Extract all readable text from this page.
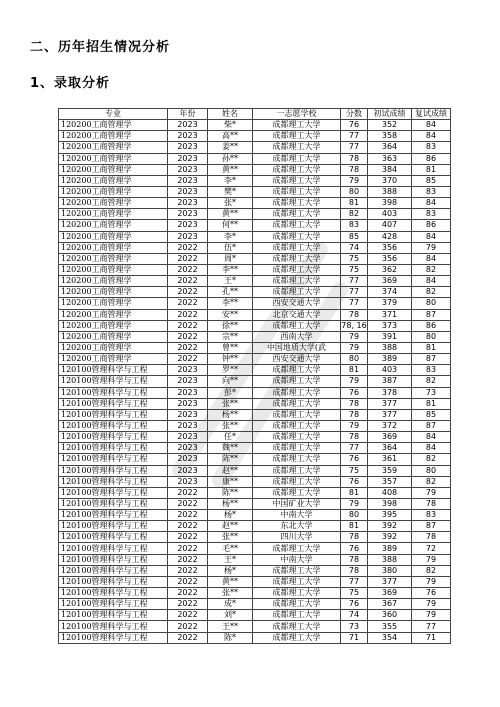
二、历年招生情况分析
1、录取分析
专业	年份	姓名	一志愿学校	分数	初试成绩	复试成绩
120200工商管理学	2023	柴*	成都理工大学	76	352	84
120200工商管理学	2023	高**	成都理工大学	77	358	84
120200工商管理学	2023	姜**	成都理工大学	77	364	83
120200工商管理学	2023	孙**	成都理工大学	78	363	86
120200工商管理学	2023	黄**	成都理工大学	78	384	81
120200工商管理学	2023	李*	成都理工大学	79	370	85
120200工商管理学	2023	樊*	成都理工大学	80	388	83
120200工商管理学	2023	张*	成都理工大学	81	398	84
120200工商管理学	2023	黄**	成都理工大学	82	403	83
120200工商管理学	2023	何**	成都理工大学	83	407	86
120200工商管理学	2023	李*	成都理工大学	85	428	84
120200工商管理学	2022	伍*	成都理工大学	74	356	79
120200工商管理学	2022	周*	成都理工大学	75	356	84
120200工商管理学	2022	李**	成都理工大学	75	362	82
120200工商管理学	2022	王*	成都理工大学	77	369	84
120200工商管理学	2022	孔**	成都理工大学	77	374	82
120200工商管理学	2022	李**	西安交通大学	77	379	80
120200工商管理学	2022	安**	北京交通大学	78	371	87
120200工商管理学	2022	徐**	成都理工大学	78, 16	373	86
120200工商管理学	2022	宗**	西南大学	79	391	80
120200工商管理学	2022	曾**	中国地质大学(武	79	388	81
120200工商管理学	2022	钟**	西安交通大学	80	389	87
120100管理科学与工程	2023	罗**	成都理工大学	81	403	83
120100管理科学与工程	2023	向**	成都理工大学	79	387	82
120100管理科学与工程	2023	彭*	成都理工大学	76	378	73
120100管理科学与工程	2023	张**	成都理工大学	78	377	81
120100管理科学与工程	2023	杨**	成都理工大学	78	377	85
120100管理科学与工程	2023	张**	成都理工大学	79	372	87
120100管理科学与工程	2023	任*	成都理工大学	78	369	84
120100管理科学与工程	2023	魏**	成都理工大学	77	364	84
120100管理科学与工程	2023	陈**	成都理工大学	76	361	82
120100管理科学与工程	2023	赵**	成都理工大学	75	359	80
120100管理科学与工程	2023	康**	成都理工大学	76	357	82
120100管理科学与工程	2022	陈**	成都理工大学	81	408	79
120100管理科学与工程	2022	杨**	中国矿业大学	79	398	78
120100管理科学与工程	2022	杨*	中南大学	80	395	83
120100管理科学与工程	2022	赵**	东北大学	81	392	87
120100管理科学与工程	2022	张**	四川大学	78	392	78
120100管理科学与工程	2022	毛**	成都理工大学	76	389	72
120100管理科学与工程	2022	王*	中南大学	78	388	79
120100管理科学与工程	2022	杨*	成都理工大学	78	380	82
120100管理科学与工程	2022	黄**	成都理工大学	77	377	79
120100管理科学与工程	2022	张**	成都理工大学	75	369	76
120100管理科学与工程	2022	成*	成都理工大学	76	367	79
120100管理科学与工程	2022	刘*	成都理工大学	74	360	79
120100管理科学与工程	2022	王**	成都理工大学	73	355	77
120100管理科学与工程	2022	陈*	成都理工大学	71	354	71
